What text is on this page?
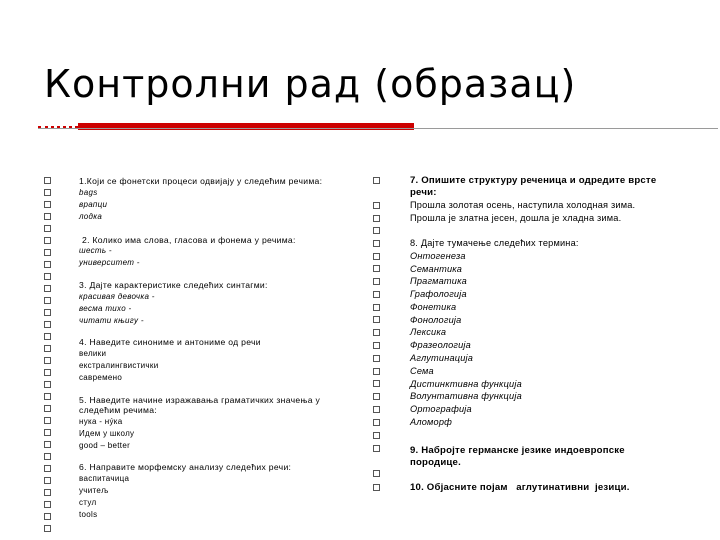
Контролни рад (образац)
1.Који се фонетски процеси одвијају у следећим речима:
bags
врапци
лодка
2. Колико има слова, гласова и фонема у речима:
шесть -
университет -
3. Дајте карактеристике следећих синтагми:
красивая девочка -
весма тихо -
читати књигу -
4. Наведите синониме и антониме од речи
велики
екстралингвистички
савремено
5. Наведите начине изражавања граматичких значења у
следећим речима:
нука - нýка
Идем у школу
good – better
6. Направите морфемску анализу следећих речи:
васпитачица
учитељ
стул
tools
7. Опишите структуру реченица и одредите врсте
речи:
Прошла золотая осень, наступила холодная зима.
Прошла је златна јесен, дошла је хладна зима.
8. Дајте тумачење следећих термина:
Онтогенеза
Семантика
Прагматика
Графологија
Фонетика
Фонологија
Лексика
Фразеологија
Аглутинација
Сема
Дистинктивна функција
Волунтативна функција
Ортографија
Аломорф
9. Набројте германске језике индоевропске
породице.
10. Објасните појам   аглутинативни  језици.
